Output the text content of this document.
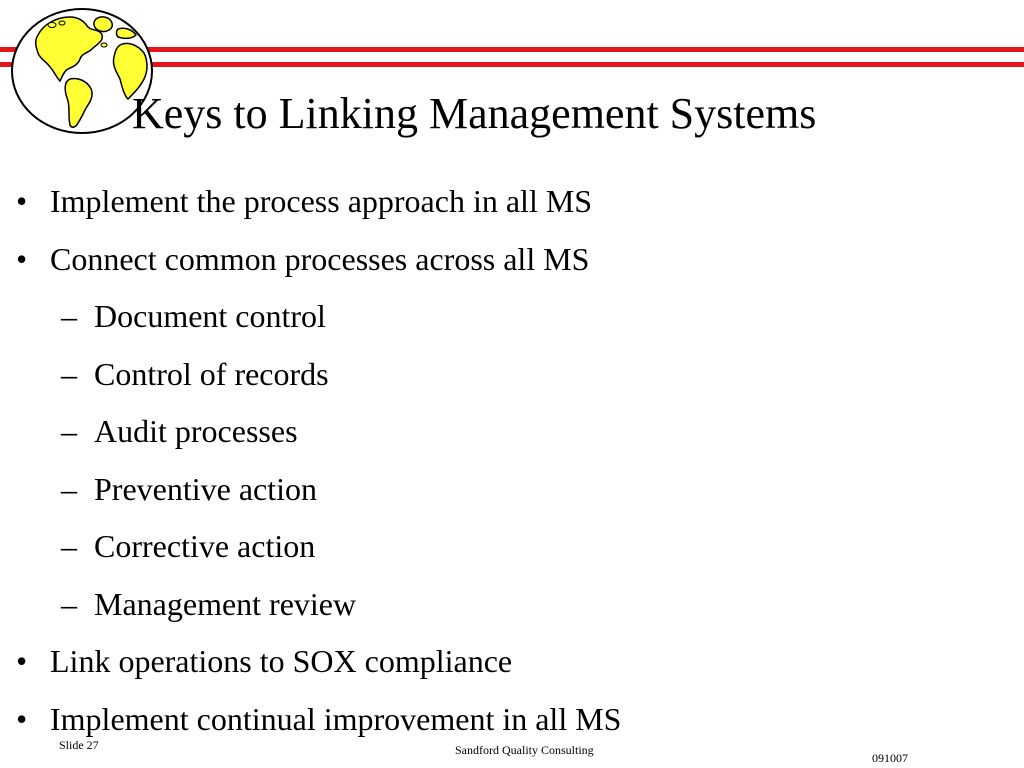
Keys to Linking Management Systems
• Implement the process approach in all MS
• Connect common processes across all MS
– Document control
– Control of records
– Audit processes
– Preventive action
– Corrective action
– Management review
• Link operations to SOX compliance
• Implement continual improvement in all MS
Slide 27	Sandford Quality Consulting
091007
